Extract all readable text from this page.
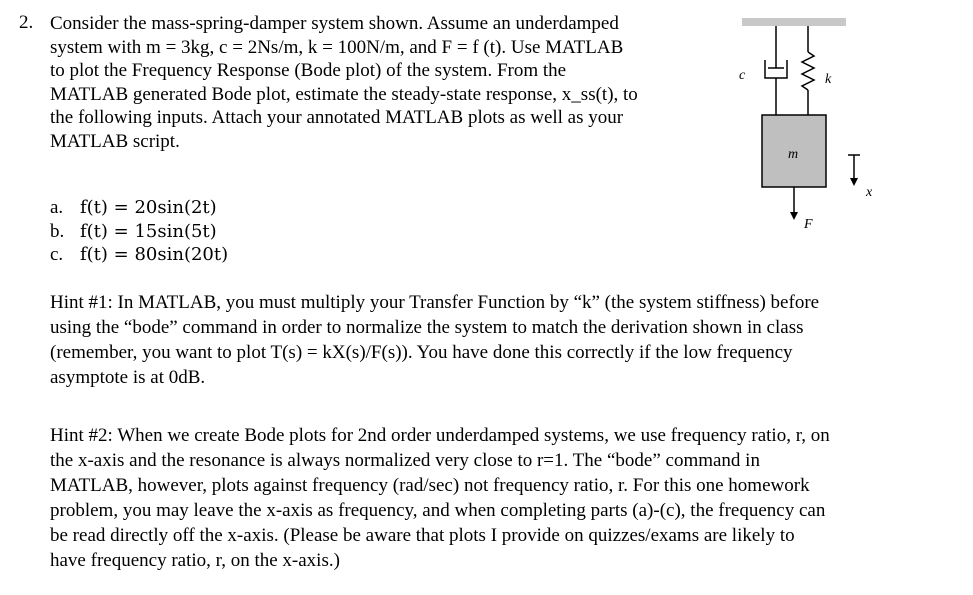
2. Consider the mass-spring-damper system shown. Assume an underdamped

system with m = 3kg, c = 2Ns/m, k = 100N/m, and F = f (t). Use MATLAB

to plot the Frequency Response (Bode plot) of the system. From the

MATLAB generated Bode plot, estimate the steady-state response, x_ss(t), to

the following inputs. Attach your annotated MATLAB plots as well as your

MATLAB script.

a. f(t) = 20sin(2t)
b. f(t) = 15sin(5t)
c. f(t) = 80sin(20t)

Hint #1: In MATLAB, you must multiply your Transfer Function by “k” (the system stiffness) before

using the “bode” command in order to normalize the system to match the derivation shown in class

(remember, you want to plot T(s) = kX(s)/F(s)). You have done this correctly if the low frequency

asymptote is at 0dB.

Hint #2: When we create Bode plots for 2nd order underdamped systems, we use frequency ratio, r, on

the x-axis and the resonance is always normalized very close to r=1. The “bode” command in

MATLAB, however, plots against frequency (rad/sec) not frequency ratio, r. For this one homework

problem, you may leave the x-axis as frequency, and when completing parts (a)-(c), the frequency can

be read directly off the x-axis. (Please be aware that plots I provide on quizzes/exams are likely to

have frequency ratio, r, on the x-axis.)

m
F
x
c	k
